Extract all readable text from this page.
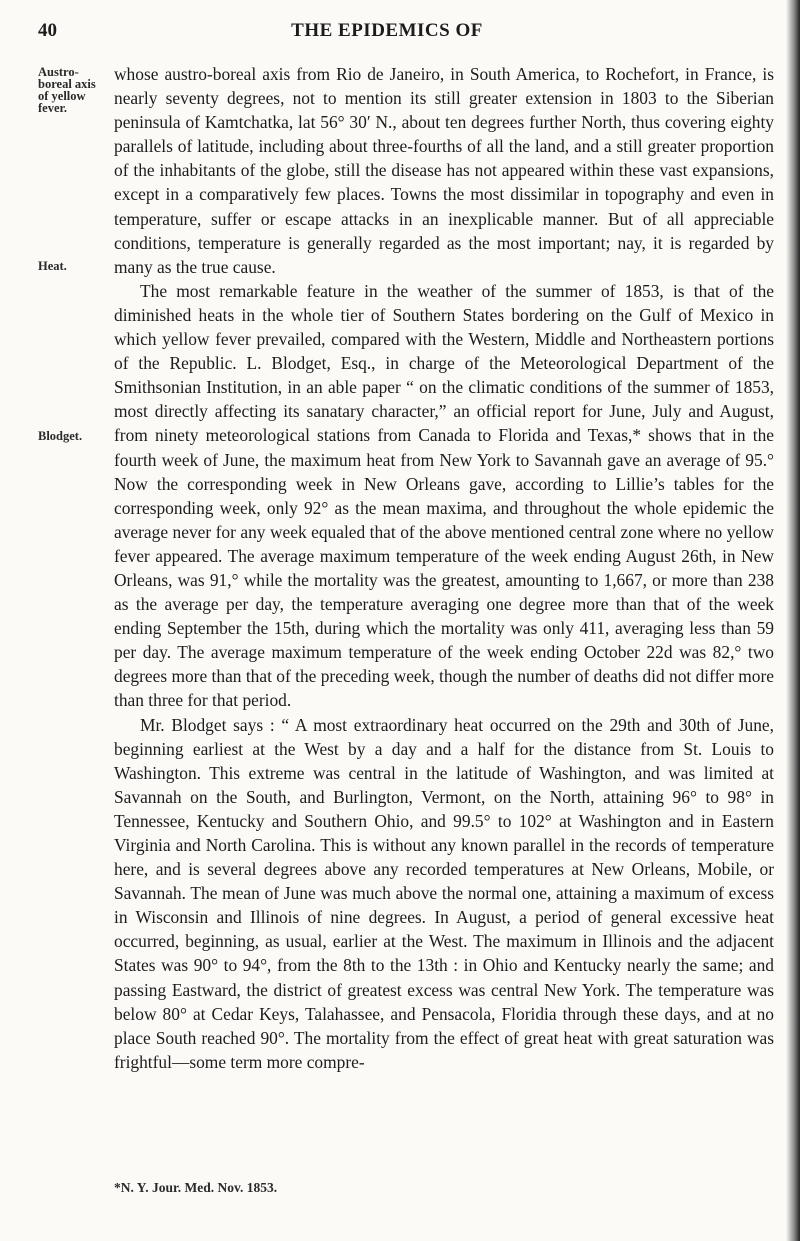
40	THE EPIDEMICS OF
Austro-boreal axis of yellow fever.
Heat.
Blodget.

whose austro-boreal axis from Rio de Janeiro, in South America, to Rochefort, in France, is nearly seventy degrees, not to mention its still greater extension in 1803 to the Siberian peninsula of Kamtchatka, lat 56° 30′ N., about ten degrees further North, thus covering eighty parallels of latitude, including about three-fourths of all the land, and a still greater proportion of the inhabitants of the globe, still the disease has not appeared within these vast expansions, except in a comparatively few places. Towns the most dissimilar in topography and even in temperature, suffer or escape attacks in an inexplicable manner. But of all appreciable conditions, temperature is generally regarded as the most important; nay, it is regarded by many as the true cause.

The most remarkable feature in the weather of the summer of 1853, is that of the diminished heats in the whole tier of Southern States bordering on the Gulf of Mexico in which yellow fever prevailed, compared with the Western, Middle and Northeastern portions of the Republic. L. Blodget, Esq., in charge of the Meteorological Department of the Smithsonian Institution, in an able paper “ on the climatic conditions of the summer of 1853, most directly affecting its sanatary character,” an official report for June, July and August, from ninety meteorological stations from Canada to Florida and Texas,* shows that in the fourth week of June, the maximum heat from New York to Savannah gave an average of 95.° Now the corresponding week in New Orleans gave, according to Lillie’s tables for the corresponding week, only 92° as the mean maxima, and throughout the whole epidemic the average never for any week equaled that of the above mentioned central zone where no yellow fever appeared. The average maximum temperature of the week ending August 26th, in New Orleans, was 91,° while the mortality was the greatest, amounting to 1,667, or more than 238 as the average per day, the temperature averaging one degree more than that of the week ending September the 15th, during which the mortality was only 411, averaging less than 59 per day. The average maximum temperature of the week ending October 22d was 82,° two degrees more than that of the preceding week, though the number of deaths did not differ more than three for that period.

Mr. Blodget says : “ A most extraordinary heat occurred on the 29th and 30th of June, beginning earliest at the West by a day and a half for the distance from St. Louis to Washington. This extreme was central in the latitude of Washington, and was limited at Savannah on the South, and Burlington, Vermont, on the North, attaining 96° to 98° in Tennessee, Kentucky and Southern Ohio, and 99.5° to 102° at Washington and in Eastern Virginia and North Carolina. This is without any known parallel in the records of temperature here, and is several degrees above any recorded temperatures at New Orleans, Mobile, or Savannah. The mean of June was much above the normal one, attaining a maximum of excess in Wisconsin and Illinois of nine degrees. In August, a period of general excessive heat occurred, beginning, as usual, earlier at the West. The maximum in Illinois and the adjacent States was 90° to 94°, from the 8th to the 13th : in Ohio and Kentucky nearly the same; and passing Eastward, the district of greatest excess was central New York. The temperature was below 80° at Cedar Keys, Talahassee, and Pensacola, Floridia through these days, and at no place South reached 90°. The mortality from the effect of great heat with great saturation was frightful—some term more compre-

*N. Y. Jour. Med. Nov. 1853.
